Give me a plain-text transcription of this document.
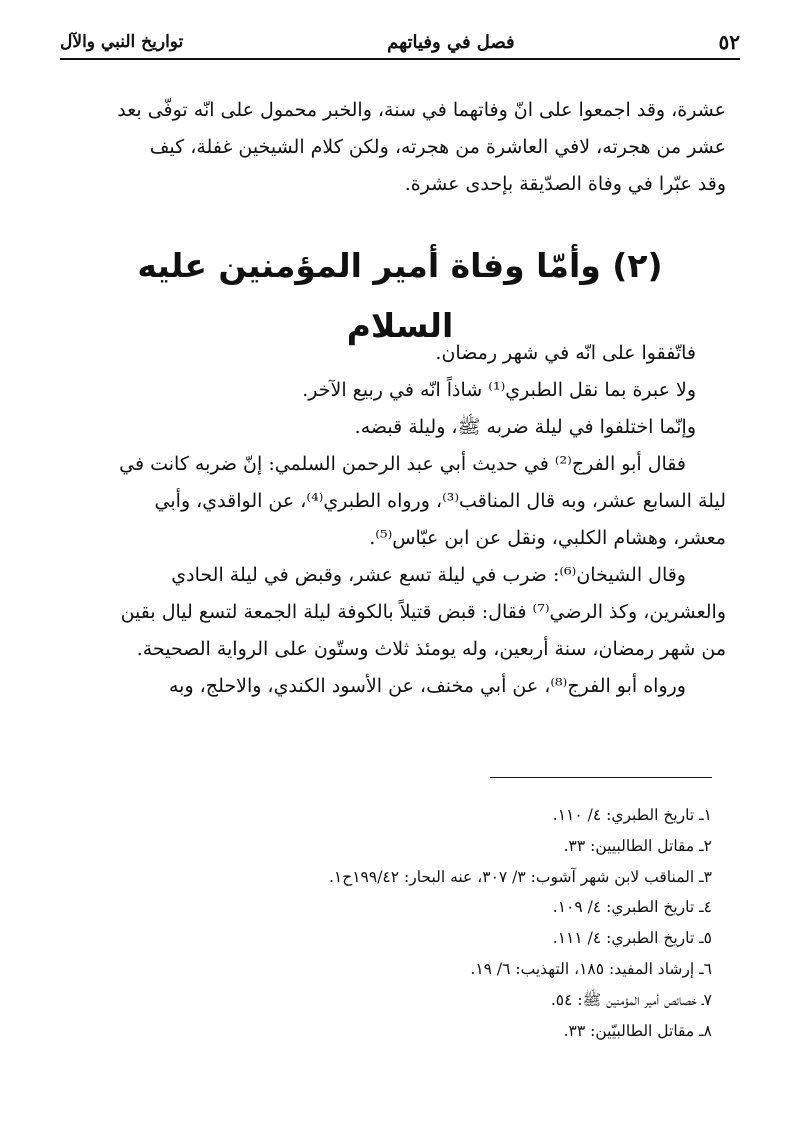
٥٢
فصل في وفياتهم
تواريخ النبي والآل

عشرة، وقد اجمعوا على انّ وفاتهما في سنة، والخبر محمول على انّه توفّى بعد

عشر من هجرته، لافي العاشرة من هجرته، ولكن كلام الشيخين غفلة، كيف

وقد عبّرا في وفاة الصدّيقة بإحدى عشرة.

(٢) وأمّا وفاة أمير المؤمنين عليه السلام

فاتّفقوا على انّه في شهر رمضان.

ولا عبرة بما نقل الطبري⁽¹⁾ شاذاً انّه في ربيع الآخر.

وإنّما اختلفوا في ليلة ضربه ﷺ، وليلة قبضه.

فقال أبو الفرج⁽²⁾ في حديث أبي عبد الرحمن السلمي: إنّ ضربه كانت في

ليلة السابع عشر، وبه قال المناقب⁽³⁾، ورواه الطبري⁽⁴⁾، عن الواقدي، وأبي

معشر، وهشام الكلبي، ونقل عن ابن عبّاس⁽⁵⁾.

وقال الشيخان⁽⁶⁾: ضرب في ليلة تسع عشر، وقبض في ليلة الحادي

والعشرين، وكذ الرضي⁽⁷⁾ فقال: قبض قتيلاً بالكوفة ليلة الجمعة لتسع ليال بقين

من شهر رمضان، سنة أربعين، وله يومئذ ثلاث وستّون على الرواية الصحيحة.

ورواه أبو الفرج⁽⁸⁾، عن أبي مخنف، عن الأسود الكندي، والاحلج، وبه

١ـ تاريخ الطبري: ٤/ ١١٠.
٢ـ مقاتل الطالبيين: ٣٣.
٣ـ المناقب لابن شهر آشوب: ٣/ ٣٠٧، عنه البحار: ١٩٩/٤٢ح١.
٤ـ تاريخ الطبري: ٤/ ١٠٩.
٥ـ تاريخ الطبري: ٤/ ١١١.
٦ـ إرشاد المفيد: ١٨٥، التهذيب: ٦/ ١٩.
٧ـ خصائص أمير المؤمنين ﷺ: ٥٤.
٨ـ مقاتل الطالبيّين: ٣٣.
